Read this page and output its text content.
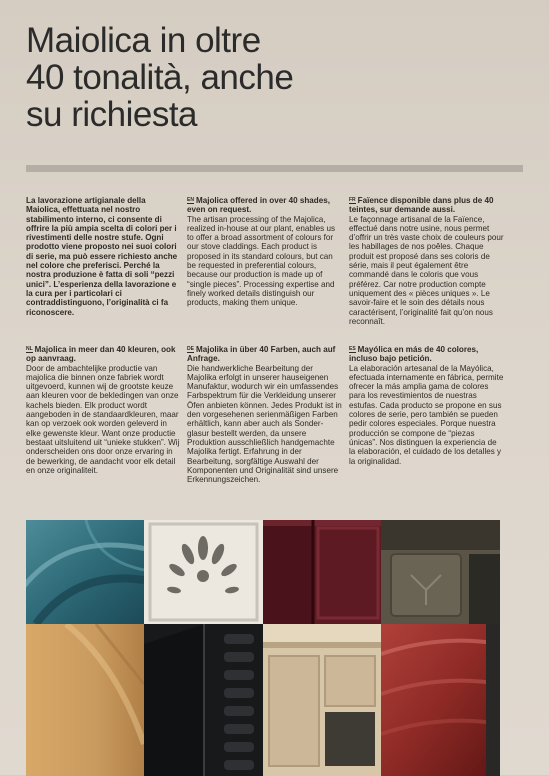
Maiolica in oltre
40 tonalità, anche
su richiesta
La lavorazione artigianale della Maiolica, effettuata nel nostro stabilimento interno, ci consente di offrire la più ampia scelta di colori per i rivestimenti delle nostre stufe. Ogni prodotto viene proposto nei suoi colori di serie, ma può essere richiesto anche nel colore che preferisci. Perché la nostra produzione è fatta di soli “pezzi unici”. L’esperienza della lavorazione e la cura per i particolari ci contraddistinguono, l’originalità ci fa riconoscere.
$^{EN}$ Majolica offered in over 40 shades, even on request.
The artisan processing of the Majolica, realized in-house at our plant, enables us to offer a broad assortment of colours for our stove claddings. Each product is proposed in its standard colours, but can be requested in preferential colours, because our production is made up of “single pieces”. Processing expertise and finely worked details distinguish our products, making them unique.
$^{FR}$ Faïence disponible dans plus de 40 teintes, sur demande aussi.
Le façonnage artisanal de la Faïence, effectué dans notre usine, nous permet d’offrir un très vaste choix de couleurs pour les habillages de nos poêles. Chaque produit est proposé dans ses coloris de série, mais il peut également être commandé dans le coloris que vous préférez. Car notre production compte uniquement des « pièces uniques ». Le savoir-faire et le soin des détails nous caractérisent, l’originalité fait qu’on nous reconnaît.
$^{NL}$ Majolica in meer dan 40 kleuren, ook op aanvraag.
Door de ambachtelijke productie van majolica die binnen onze fabriek wordt uitgevoerd, kunnen wij de grootste keuze aan kleuren voor de bekledingen van onze kachels bieden. Elk product wordt aangeboden in de standaardkleuren, maar kan op verzoek ook worden geleverd in elke gewenste kleur. Want onze productie bestaat uitsluitend uit “unieke stukken”. Wij onderscheiden ons door onze ervaring in de bewerking, de aandacht voor elk detail en onze originaliteit.
$^{DE}$ Majolika in über 40 Farben, auch auf Anfrage.
Die handwerkliche Bearbeitung der Majolika erfolgt in unserer hauseigenen Manufaktur, wodurch wir ein umfassendes Farbspektrum für die Verkleidung unserer Öfen anbieten können. Jedes Produkt ist in den vorgesehenen serienmäßigen Farben erhältlich, kann aber auch als Sonder-glasur bestellt werden, da unsere Produktion ausschließlich handgemachte Majolika fertigt. Erfahrung in der Bearbeitung, sorgfältige Auswahl der Komponenten und Originalität sind unsere Erkennungszeichen.
$^{ES}$ Mayólica en más de 40 colores, incluso bajo petición.
La elaboración artesanal de la Mayólica, efectuada internamente en fábrica, permite ofrecer la más amplia gama de colores para los revestimientos de nuestras estufas. Cada producto se propone en sus colores de serie, pero también se pueden pedir colores especiales. Porque nuestra producción se compone de “piezas únicas”. Nos distinguen la experiencia de la elaboración, el cuidado de los detalles y la originalidad.
